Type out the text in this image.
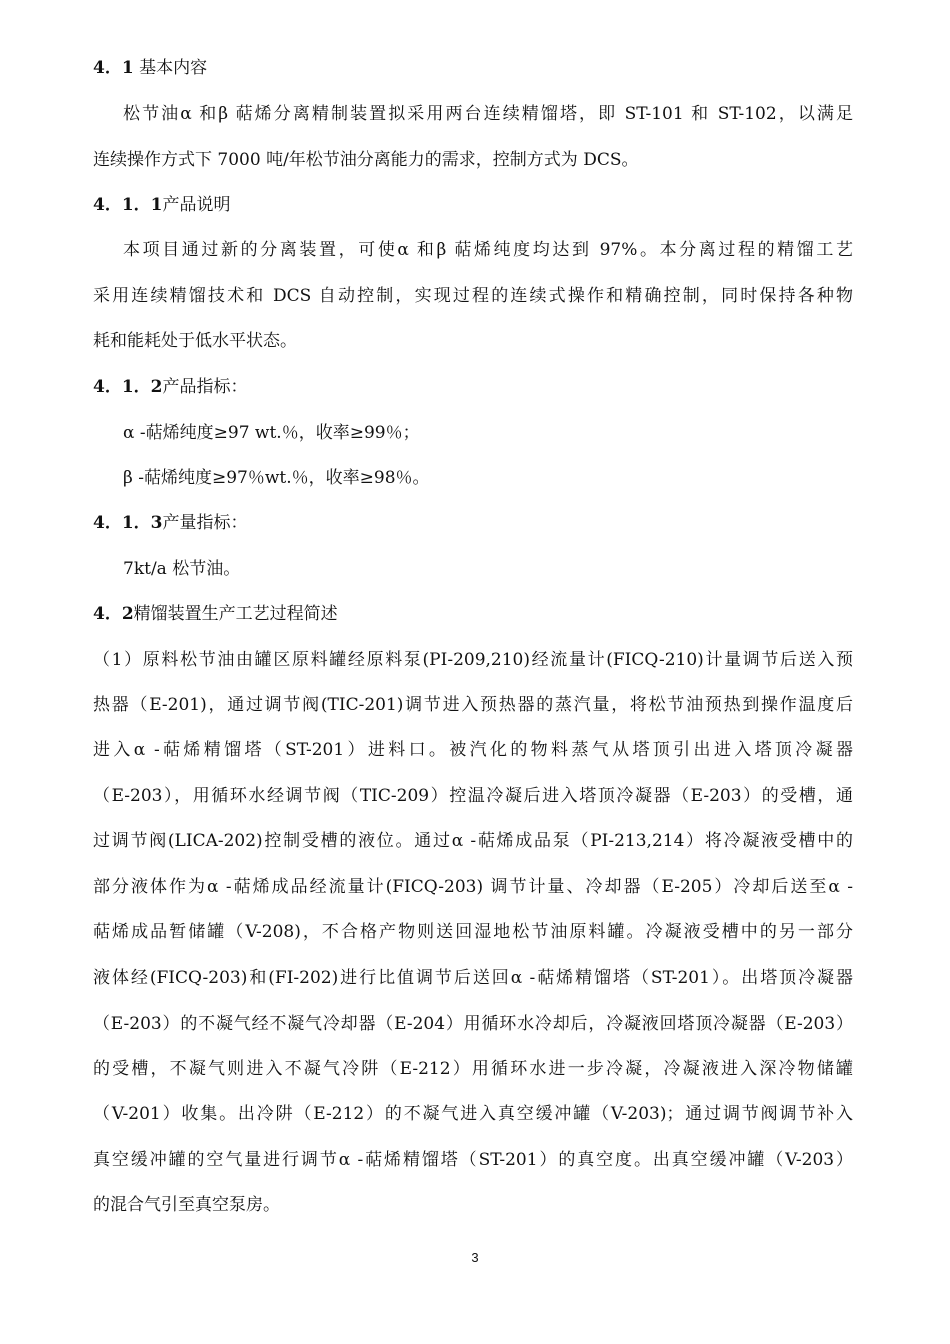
4．1 基本内容
松节油α 和β 萜烯分离精制装置拟采用两台连续精馏塔，即 ST-101 和 ST-102，以满足
连续操作方式下 7000 吨/年松节油分离能力的需求，控制方式为 DCS。
4．1．1产品说明
本项目通过新的分离装置，可使α 和β 萜烯纯度均达到 97%。本分离过程的精馏工艺
采用连续精馏技术和 DCS 自动控制，实现过程的连续式操作和精确控制，同时保持各种物
耗和能耗处于低水平状态。
4．1．2产品指标：
α -萜烯纯度≥97 wt.％，收率≥99％；
β -萜烯纯度≥97％wt.％，收率≥98％。
4．1．3产量指标：
7kt/a 松节油。
4．2精馏装置生产工艺过程简述
（1）原料松节油由罐区原料罐经原料泵(PI-209,210)经流量计(FICQ-210)计量调节后送入预
热器（E-201)，通过调节阀(TIC-201)调节进入预热器的蒸汽量，将松节油预热到操作温度后
进入α -萜烯精馏塔（ST-201）进料口。被汽化的物料蒸气从塔顶引出进入塔顶冷凝器
（E-203），用循环水经调节阀（TIC-209）控温冷凝后进入塔顶冷凝器（E-203）的受槽，通
过调节阀(LICA-202)控制受槽的液位。通过α -萜烯成品泵（PI-213,214）将冷凝液受槽中的
部分液体作为α -萜烯成品经流量计(FICQ-203) 调节计量、冷却器（E-205）冷却后送至α -
萜烯成品暂储罐（V-208)，不合格产物则送回湿地松节油原料罐。冷凝液受槽中的另一部分
液体经(FICQ-203)和(FI-202)进行比值调节后送回α -萜烯精馏塔（ST-201）。出塔顶冷凝器
（E-203）的不凝气经不凝气冷却器（E-204）用循环水冷却后，冷凝液回塔顶冷凝器（E-203）
的受槽，不凝气则进入不凝气冷阱（E-212）用循环水进一步冷凝，冷凝液进入深冷物储罐
（V-201）收集。出冷阱（E-212）的不凝气进入真空缓冲罐（V-203)；通过调节阀调节补入
真空缓冲罐的空气量进行调节α -萜烯精馏塔（ST-201）的真空度。出真空缓冲罐（V-203）
的混合气引至真空泵房。
3
